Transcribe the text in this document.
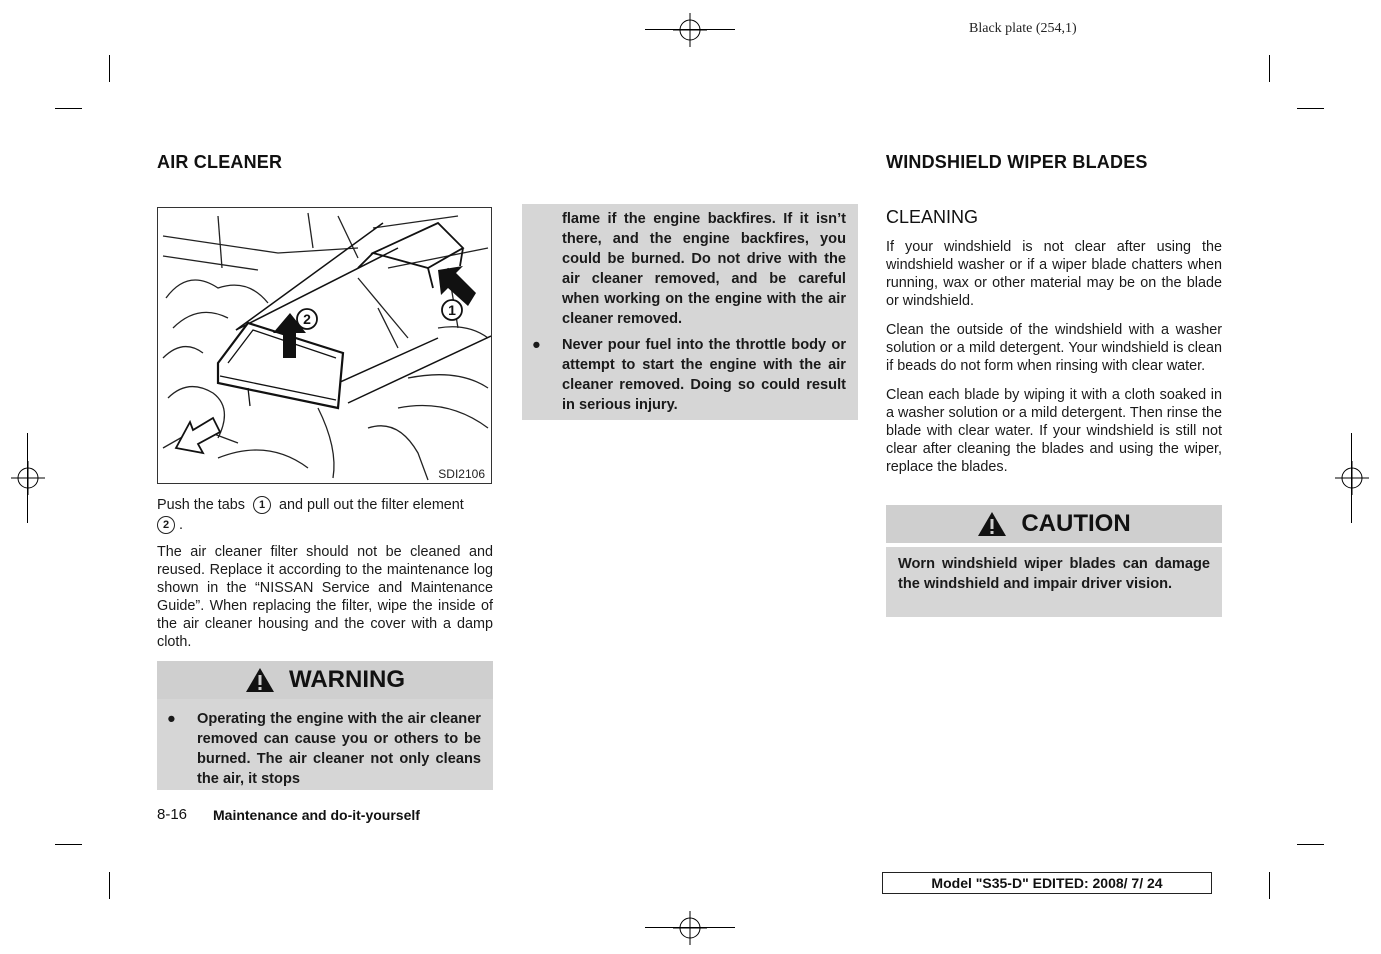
Black plate (254,1)
AIR CLEANER
2
1
SDI2106
Push the tabs 1 and pull out the filter element
2 .
The air cleaner filter should not be cleaned and reused. Replace it according to the maintenance log shown in the “NISSAN Service and Maintenance Guide”. When replacing the filter, wipe the inside of the air cleaner housing and the cover with a damp cloth.
WARNING
●	Operating the engine with the air cleaner removed can cause you or others to be burned. The air cleaner not only cleans the air, it stops
flame if the engine backfires. If it isn’t there, and the engine backfires, you could be burned. Do not drive with the air cleaner removed, and be careful when working on the engine with the air cleaner removed.
●	Never pour fuel into the throttle body or attempt to start the engine with the air cleaner removed. Doing so could result in serious injury.
WINDSHIELD WIPER BLADES
CLEANING

If your windshield is not clear after using the windshield washer or if a wiper blade chatters when running, wax or other material may be on the blade or windshield.

Clean the outside of the windshield with a washer solution or a mild detergent. Your windshield is clean if beads do not form when rinsing with clear water.

Clean each blade by wiping it with a cloth soaked in a washer solution or a mild detergent. Then rinse the blade with clear water. If your windshield is still not clear after cleaning the blades and using the wiper, replace the blades.

CAUTION
Worn windshield wiper blades can damage the windshield and impair driver vision.
8-16 Maintenance and do-it-yourself
Model "S35-D" EDITED: 2008/ 7/ 24
